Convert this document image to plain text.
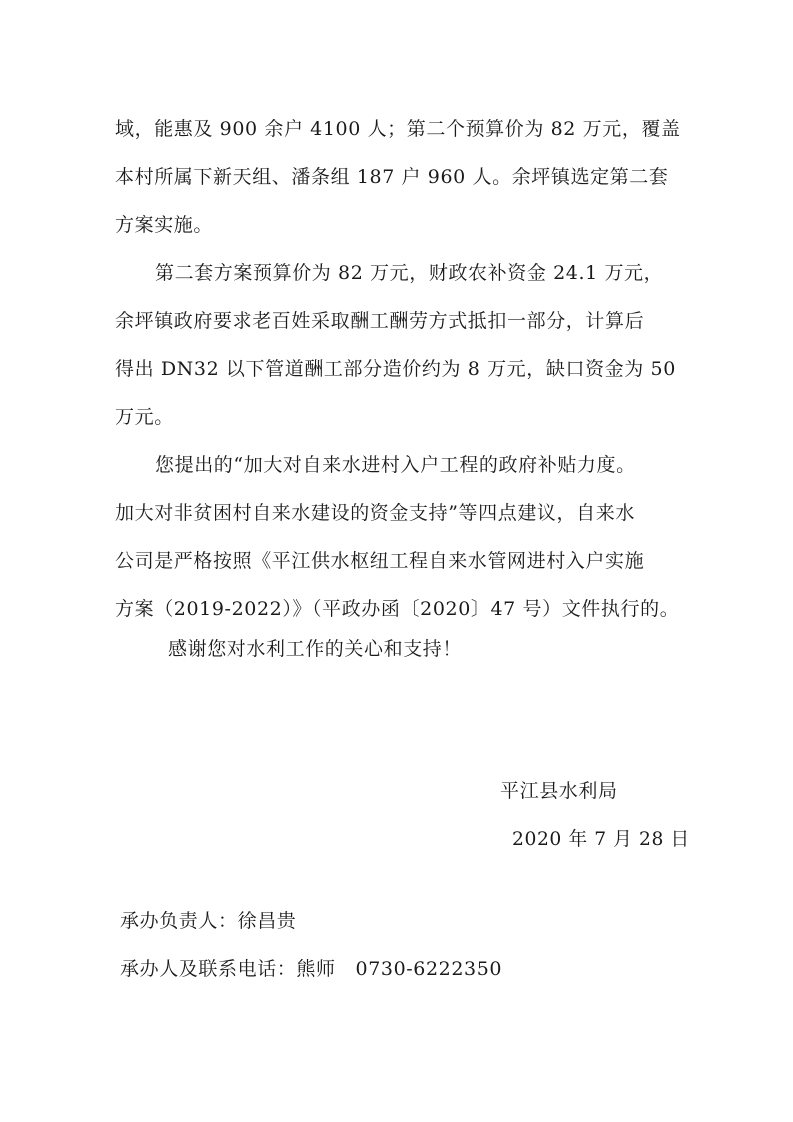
域，能惠及 900 余户 4100 人；第二个预算价为 82 万元，覆盖
本村所属下新天组、潘条组 187 户 960 人。余坪镇选定第二套
方案实施。
第二套方案预算价为 82 万元，财政农补资金 24.1 万元，
余坪镇政府要求老百姓采取酬工酬劳方式抵扣一部分，计算后
得出 DN32 以下管道酬工部分造价约为 8 万元，缺口资金为 50
万元。
您提出的“加大对自来水进村入户工程的政府补贴力度。
加大对非贫困村自来水建设的资金支持”等四点建议，自来水
公司是严格按照《平江供水枢纽工程自来水管网进村入户实施
方案（2019-2022）》（平政办函〔2020〕47 号）文件执行的。
感谢您对水利工作的关心和支持！
平江县水利局
2020 年 7 月 28 日
承办负责人：徐昌贵
承办人及联系电话：熊师   0730-6222350
